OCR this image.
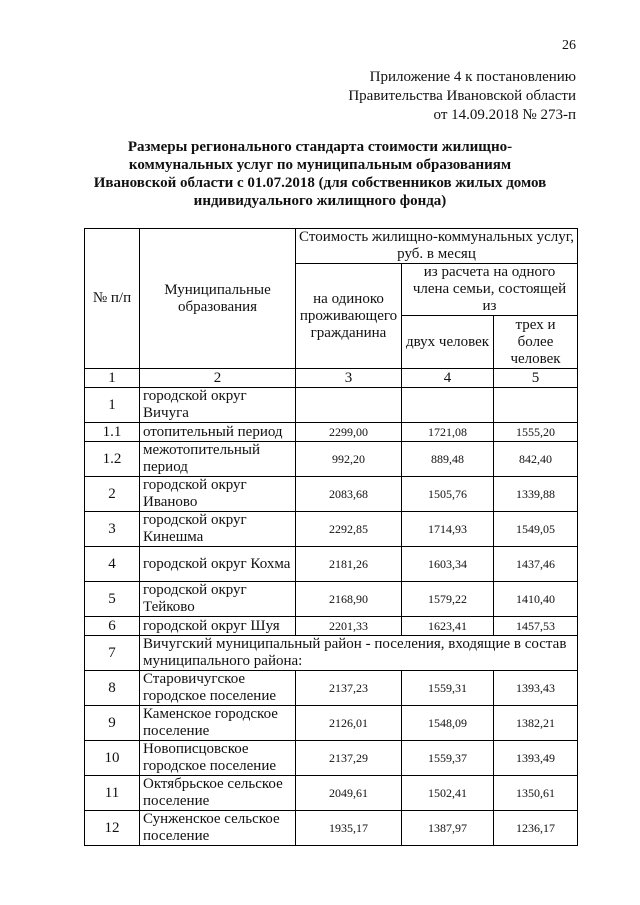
26
Приложение 4 к постановлению
Правительства Ивановской области
от 14.09.2018 № 273-п
Размеры регионального стандарта стоимости жилищно-
коммунальных услуг по муниципальным образованиям
Ивановской области с 01.07.2018 (для собственников жилых домов
индивидуального жилищного фонда)
№ п/п	Муниципальные образования	Стоимость жилищно-коммунальных услуг, руб. в месяц		
		на одиноко проживающего гражданина	из расчета на одного члена семьи, состоящей из	
			двух человек	трех и более человек
1	2	3	4	5
1	городской округ Вичуга			
1.1	отопительный период	2299,00	1721,08	1555,20
1.2	межотопительный период	992,20	889,48	842,40
2	городской округ Иваново	2083,68	1505,76	1339,88
3	городской округ Кинешма	2292,85	1714,93	1549,05
4	городской округ Кохма	2181,26	1603,34	1437,46
5	городской округ Тейково	2168,90	1579,22	1410,40
6	городской округ Шуя	2201,33	1623,41	1457,53
7	Вичугский муниципальный район - поселения, входящие в состав муниципального района:			
8	Старовичугское городское поселение	2137,23	1559,31	1393,43
9	Каменское городское поселение	2126,01	1548,09	1382,21
10	Новописцовское городское поселение	2137,29	1559,37	1393,49
11	Октябрьское сельское поселение	2049,61	1502,41	1350,61
12	Сунженское сельское поселение	1935,17	1387,97	1236,17
